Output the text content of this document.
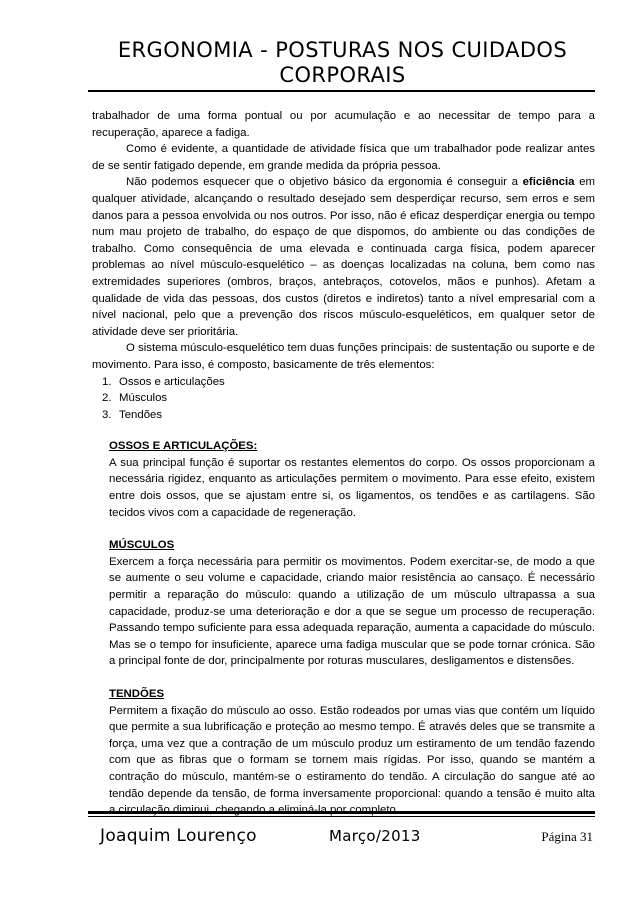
ERGONOMIA - POSTURAS NOS CUIDADOS
CORPORAIS

trabalhador de uma forma pontual ou por acumulação e ao necessitar de tempo para a recuperação, aparece a fadiga.

Como é evidente, a quantidade de atividade física que um trabalhador pode realizar antes de se sentir fatigado depende, em grande medida da própria pessoa.

Não podemos esquecer que o objetivo básico da ergonomia é conseguir a eficiência em qualquer atividade, alcançando o resultado desejado sem desperdiçar recurso, sem erros e sem danos para a pessoa envolvida ou nos outros. Por isso, não é eficaz desperdiçar energia ou tempo num mau projeto de trabalho, do espaço de que dispomos, do ambiente ou das condições de trabalho. Como consequência de uma elevada e continuada carga física, podem aparecer problemas ao nível músculo-esquelético – as doenças localizadas na coluna, bem como nas extremidades superiores (ombros, braços, antebraços, cotovelos, mãos e punhos). Afetam a qualidade de vida das pessoas, dos custos (diretos e indiretos) tanto a nível empresarial com a nível nacional, pelo que a prevenção dos riscos músculo-esqueléticos, em qualquer setor de atividade deve ser prioritária.

O sistema músculo-esquelético tem duas funções principais: de sustentação ou suporte e de movimento. Para isso, é composto, basicamente de três elementos:

1. Ossos e articulações
2. Músculos
3. Tendões

OSSOS E ARTICULAÇÕES:

A sua principal função é suportar os restantes elementos do corpo. Os ossos proporcionam a necessária rigidez, enquanto as articulações permitem o movimento. Para esse efeito, existem entre dois ossos, que se ajustam entre si, os ligamentos, os tendões e as cartilagens. São tecidos vivos com a capacidade de regeneração.

MÚSCULOS

Exercem a força necessária para permitir os movimentos. Podem exercitar-se, de modo a que se aumente o seu volume e capacidade, criando maior resistência ao cansaço. É necessário permitir a reparação do músculo: quando a utilização de um músculo ultrapassa a sua capacidade, produz-se uma deterioração e dor a que se segue um processo de recuperação. Passando tempo suficiente para essa adequada reparação, aumenta a capacidade do músculo. Mas se o tempo for insuficiente, aparece uma fadiga muscular que se pode tornar crónica. São a principal fonte de dor, principalmente por roturas musculares, desligamentos e distensões.

TENDÕES

Permitem a fixação do músculo ao osso. Estão rodeados por umas vias que contém um líquido que permite a sua lubrificação e proteção ao mesmo tempo. É através deles que se transmite a força, uma vez que a contração de um músculo produz um estiramento de um tendão fazendo com que as fibras que o formam se tornem mais rígidas. Por isso, quando se mantém a contração do músculo, mantém-se o estiramento do tendão. A circulação do sangue até ao tendão depende da tensão, de forma inversamente proporcional: quando a tensão é muito alta a circulação diminui, chegando a eliminá-la por completo.

Joaquim Lourenço	Março/2013	Página 31
